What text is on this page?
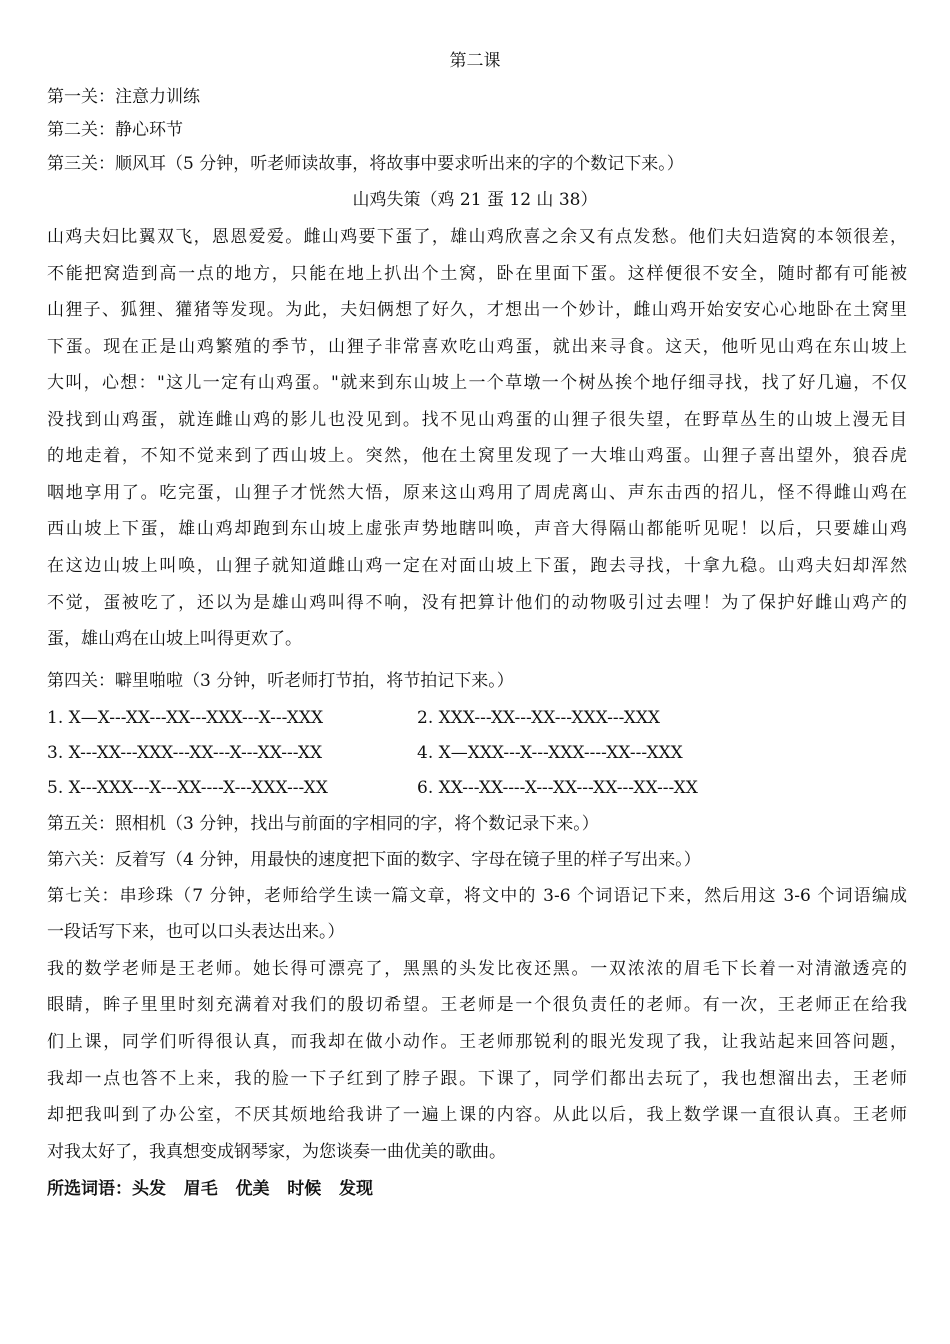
第二课
第一关：注意力训练
第二关：静心环节
第三关：顺风耳（5 分钟，听老师读故事，将故事中要求听出来的字的个数记下来。）
山鸡失策（鸡 21 蛋 12 山 38）
山鸡夫妇比翼双飞，恩恩爱爱。雌山鸡要下蛋了，雄山鸡欣喜之余又有点发愁。他们夫妇造窝的本领很差，
不能把窝造到高一点的地方，只能在地上扒出个土窝，卧在里面下蛋。这样便很不安全，随时都有可能被
山狸子、狐狸、獾猪等发现。为此，夫妇俩想了好久，才想出一个妙计，雌山鸡开始安安心心地卧在土窝里
下蛋。现在正是山鸡繁殖的季节，山狸子非常喜欢吃山鸡蛋，就出来寻食。这天，他听见山鸡在东山坡上
大叫，心想："这儿一定有山鸡蛋。"就来到东山坡上一个草墩一个树丛挨个地仔细寻找，找了好几遍，不仅
没找到山鸡蛋，就连雌山鸡的影儿也没见到。找不见山鸡蛋的山狸子很失望，在野草丛生的山坡上漫无目
的地走着，不知不觉来到了西山坡上。突然，他在土窝里发现了一大堆山鸡蛋。山狸子喜出望外，狼吞虎
咽地享用了。吃完蛋，山狸子才恍然大悟，原来这山鸡用了周虎离山、声东击西的招儿，怪不得雌山鸡在
西山坡上下蛋，雄山鸡却跑到东山坡上虚张声势地瞎叫唤，声音大得隔山都能听见呢！以后，只要雄山鸡
在这边山坡上叫唤，山狸子就知道雌山鸡一定在对面山坡上下蛋，跑去寻找，十拿九稳。山鸡夫妇却浑然
不觉，蛋被吃了，还以为是雄山鸡叫得不响，没有把算计他们的动物吸引过去哩！为了保护好雌山鸡产的
蛋，雄山鸡在山坡上叫得更欢了。
第四关：噼里啪啦（3 分钟，听老师打节拍，将节拍记下来。）
1. X—X---XX---XX---XXX---X---XXX	2. XXX---XX---XX---XXX---XXX
3. X---XX---XXX---XX---X---XX---XX	4. X—XXX---X---XXX----XX---XXX
5. X---XXX---X---XX----X---XXX---XX	6. XX---XX----X---XX---XX---XX---XX
第五关：照相机（3 分钟，找出与前面的字相同的字，将个数记录下来。）
第六关：反着写（4 分钟，用最快的速度把下面的数字、字母在镜子里的样子写出来。）
第七关：串珍珠（7 分钟，老师给学生读一篇文章，将文中的 3-6 个词语记下来，然后用这 3-6 个词语编成
一段话写下来，也可以口头表达出来。）
我的数学老师是王老师。她长得可漂亮了，黑黑的头发比夜还黑。一双浓浓的眉毛下长着一对清澈透亮的
眼睛，眸子里里时刻充满着对我们的殷切希望。王老师是一个很负责任的老师。有一次，王老师正在给我
们上课，同学们听得很认真，而我却在做小动作。王老师那锐利的眼光发现了我，让我站起来回答问题，
我却一点也答不上来，我的脸一下子红到了脖子跟。下课了，同学们都出去玩了，我也想溜出去，王老师
却把我叫到了办公室，不厌其烦地给我讲了一遍上课的内容。从此以后，我上数学课一直很认真。王老师
对我太好了，我真想变成钢琴家，为您谈奏一曲优美的歌曲。
所选词语：头发   眉毛   优美   时候   发现
